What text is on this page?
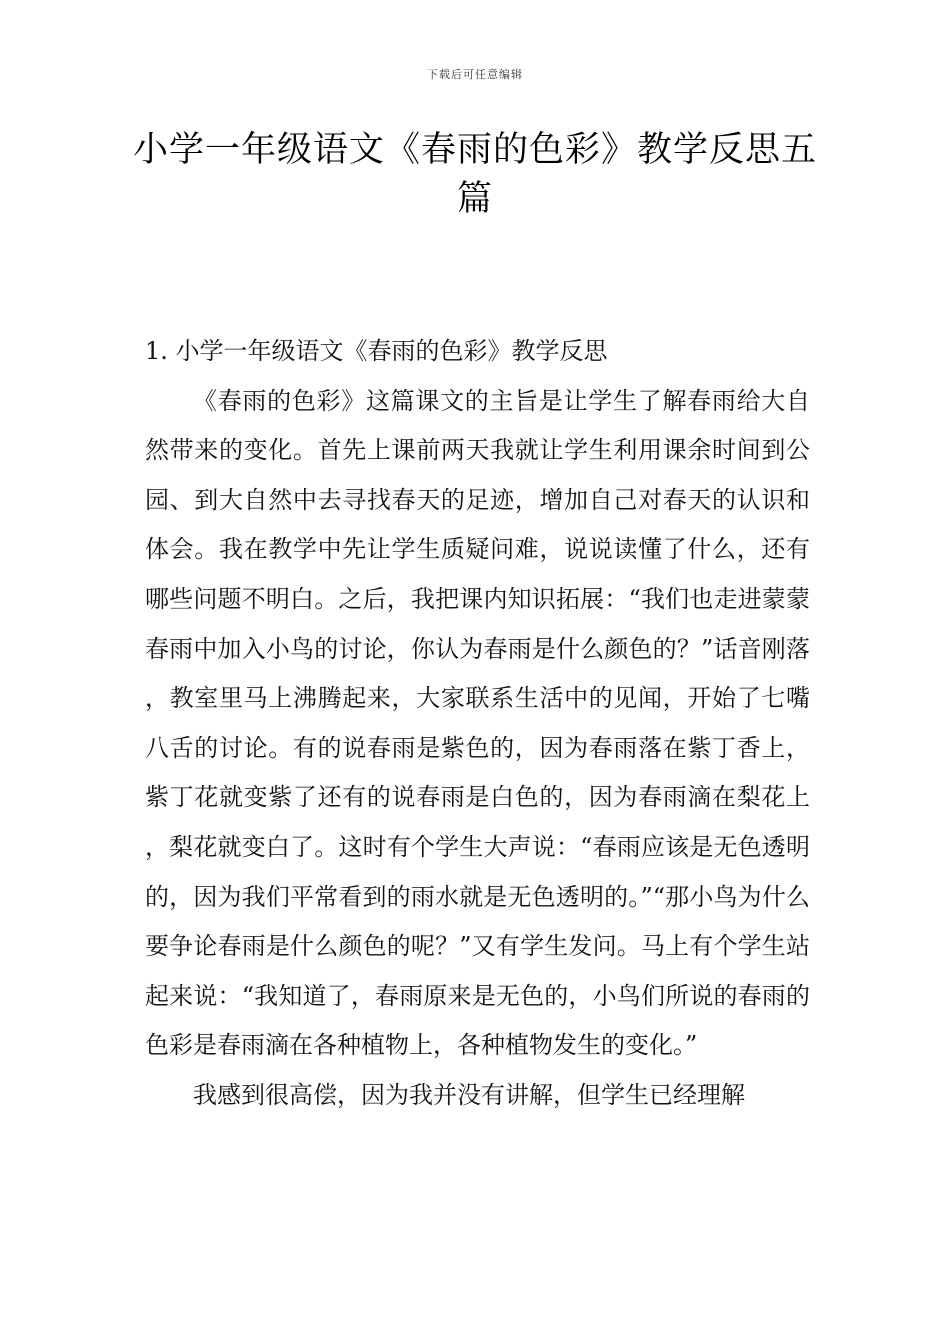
下载后可任意编辑
小学一年级语文《春雨的色彩》教学反思五篇
1. 小学一年级语文《春雨的色彩》教学反思

《春雨的色彩》这篇课文的主旨是让学生了解春雨给大自然带来的变化。首先上课前两天我就让学生利用课余时间到公园、到大自然中去寻找春天的足迹，增加自己对春天的认识和体会。我在教学中先让学生质疑问难，说说读懂了什么，还有哪些问题不明白。之后，我把课内知识拓展：“我们也走进蒙蒙春雨中加入小鸟的讨论，你认为春雨是什么颜色的？”话音刚落，教室里马上沸腾起来，大家联系生活中的见闻，开始了七嘴八舌的讨论。有的说春雨是紫色的，因为春雨落在紫丁香上，紫丁花就变紫了还有的说春雨是白色的，因为春雨滴在梨花上，梨花就变白了。这时有个学生大声说：“春雨应该是无色透明的，因为我们平常看到的雨水就是无色透明的。”“那小鸟为什么要争论春雨是什么颜色的呢？”又有学生发问。马上有个学生站起来说：“我知道了，春雨原来是无色的，小鸟们所说的春雨的色彩是春雨滴在各种植物上，各种植物发生的变化。”

我感到很高偿，因为我并没有讲解，但学生已经理解
